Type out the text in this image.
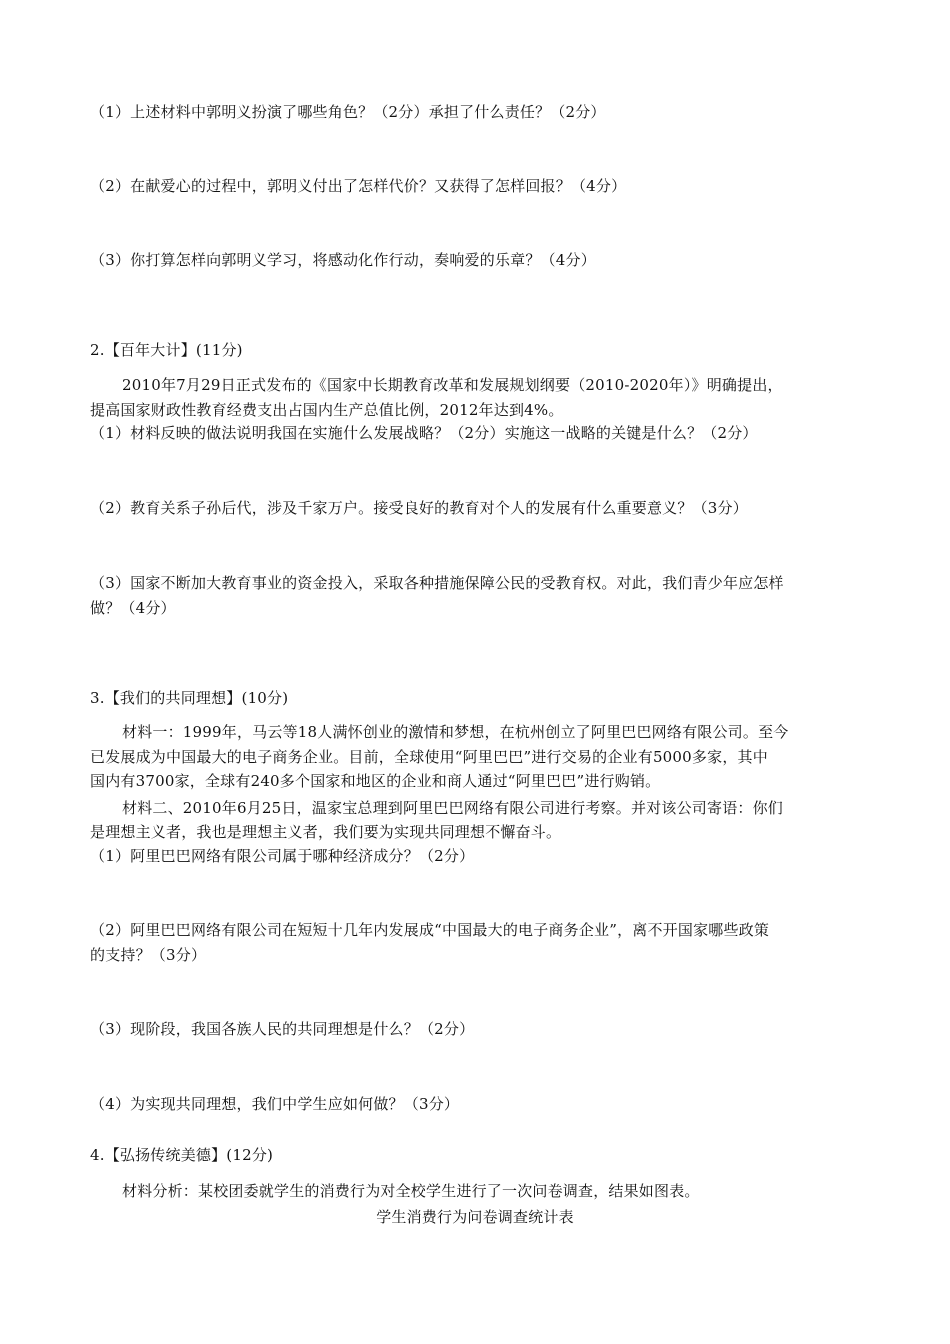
（1）上述材料中郭明义扮演了哪些角色？（2分）承担了什么责任？（2分）
（2）在献爱心的过程中，郭明义付出了怎样代价？又获得了怎样回报？（4分）
（3）你打算怎样向郭明义学习，将感动化作行动，奏响爱的乐章？（4分）
2.【百年大计】(11分)
2010年7月29日正式发布的《国家中长期教育改革和发展规划纲要（2010-2020年）》明确提出，
提高国家财政性教育经费支出占国内生产总值比例，2012年达到4%。
（1）材料反映的做法说明我国在实施什么发展战略？（2分）实施这一战略的关键是什么？（2分）
（2）教育关系子孙后代，涉及千家万户。接受良好的教育对个人的发展有什么重要意义？（3分）
（3）国家不断加大教育事业的资金投入，采取各种措施保障公民的受教育权。对此，我们青少年应怎样
做？（4分）
3.【我们的共同理想】(10分)
材料一：1999年，马云等18人满怀创业的激情和梦想，在杭州创立了阿里巴巴网络有限公司。至今
已发展成为中国最大的电子商务企业。目前，全球使用“阿里巴巴”进行交易的企业有5000多家，其中
国内有3700家，全球有240多个国家和地区的企业和商人通过“阿里巴巴”进行购销。
材料二、2010年6月25日，温家宝总理到阿里巴巴网络有限公司进行考察。并对该公司寄语：你们
是理想主义者，我也是理想主义者，我们要为实现共同理想不懈奋斗。
（1）阿里巴巴网络有限公司属于哪种经济成分？（2分）
（2）阿里巴巴网络有限公司在短短十几年内发展成“中国最大的电子商务企业”，离不开国家哪些政策
的支持？（3分）
（3）现阶段，我国各族人民的共同理想是什么？（2分）
（4）为实现共同理想，我们中学生应如何做？（3分）
4.【弘扬传统美德】(12分)
材料分析：某校团委就学生的消费行为对全校学生进行了一次问卷调查，结果如图表。
学生消费行为问卷调查统计表
